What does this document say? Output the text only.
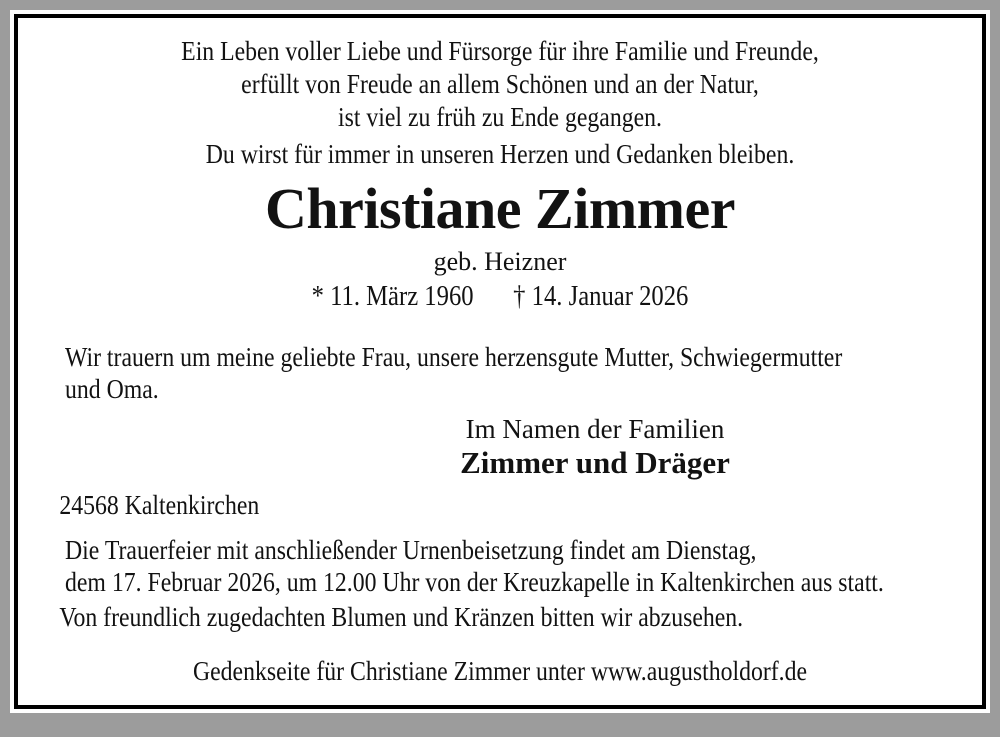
Ein Leben voller Liebe und Fürsorge für ihre Familie und Freunde,
erfüllt von Freude an allem Schönen und an der Natur,
ist viel zu früh zu Ende gegangen.
Du wirst für immer in unseren Herzen und Gedanken bleiben.
Christiane Zimmer
geb. Heizner
* 11. März 1960 † 14. Januar 2026
Wir trauern um meine geliebte Frau, unsere herzensgute Mutter, Schwiegermutter
und Oma.
Im Namen der Familien
Zimmer und Dräger
24568 Kaltenkirchen
Die Trauerfeier mit anschließender Urnenbeisetzung findet am Dienstag,
dem 17. Februar 2026, um 12.00 Uhr von der Kreuzkapelle in Kaltenkirchen aus statt.
Von freundlich zugedachten Blumen und Kränzen bitten wir abzusehen.
Gedenkseite für Christiane Zimmer unter www.augustholdorf.de
